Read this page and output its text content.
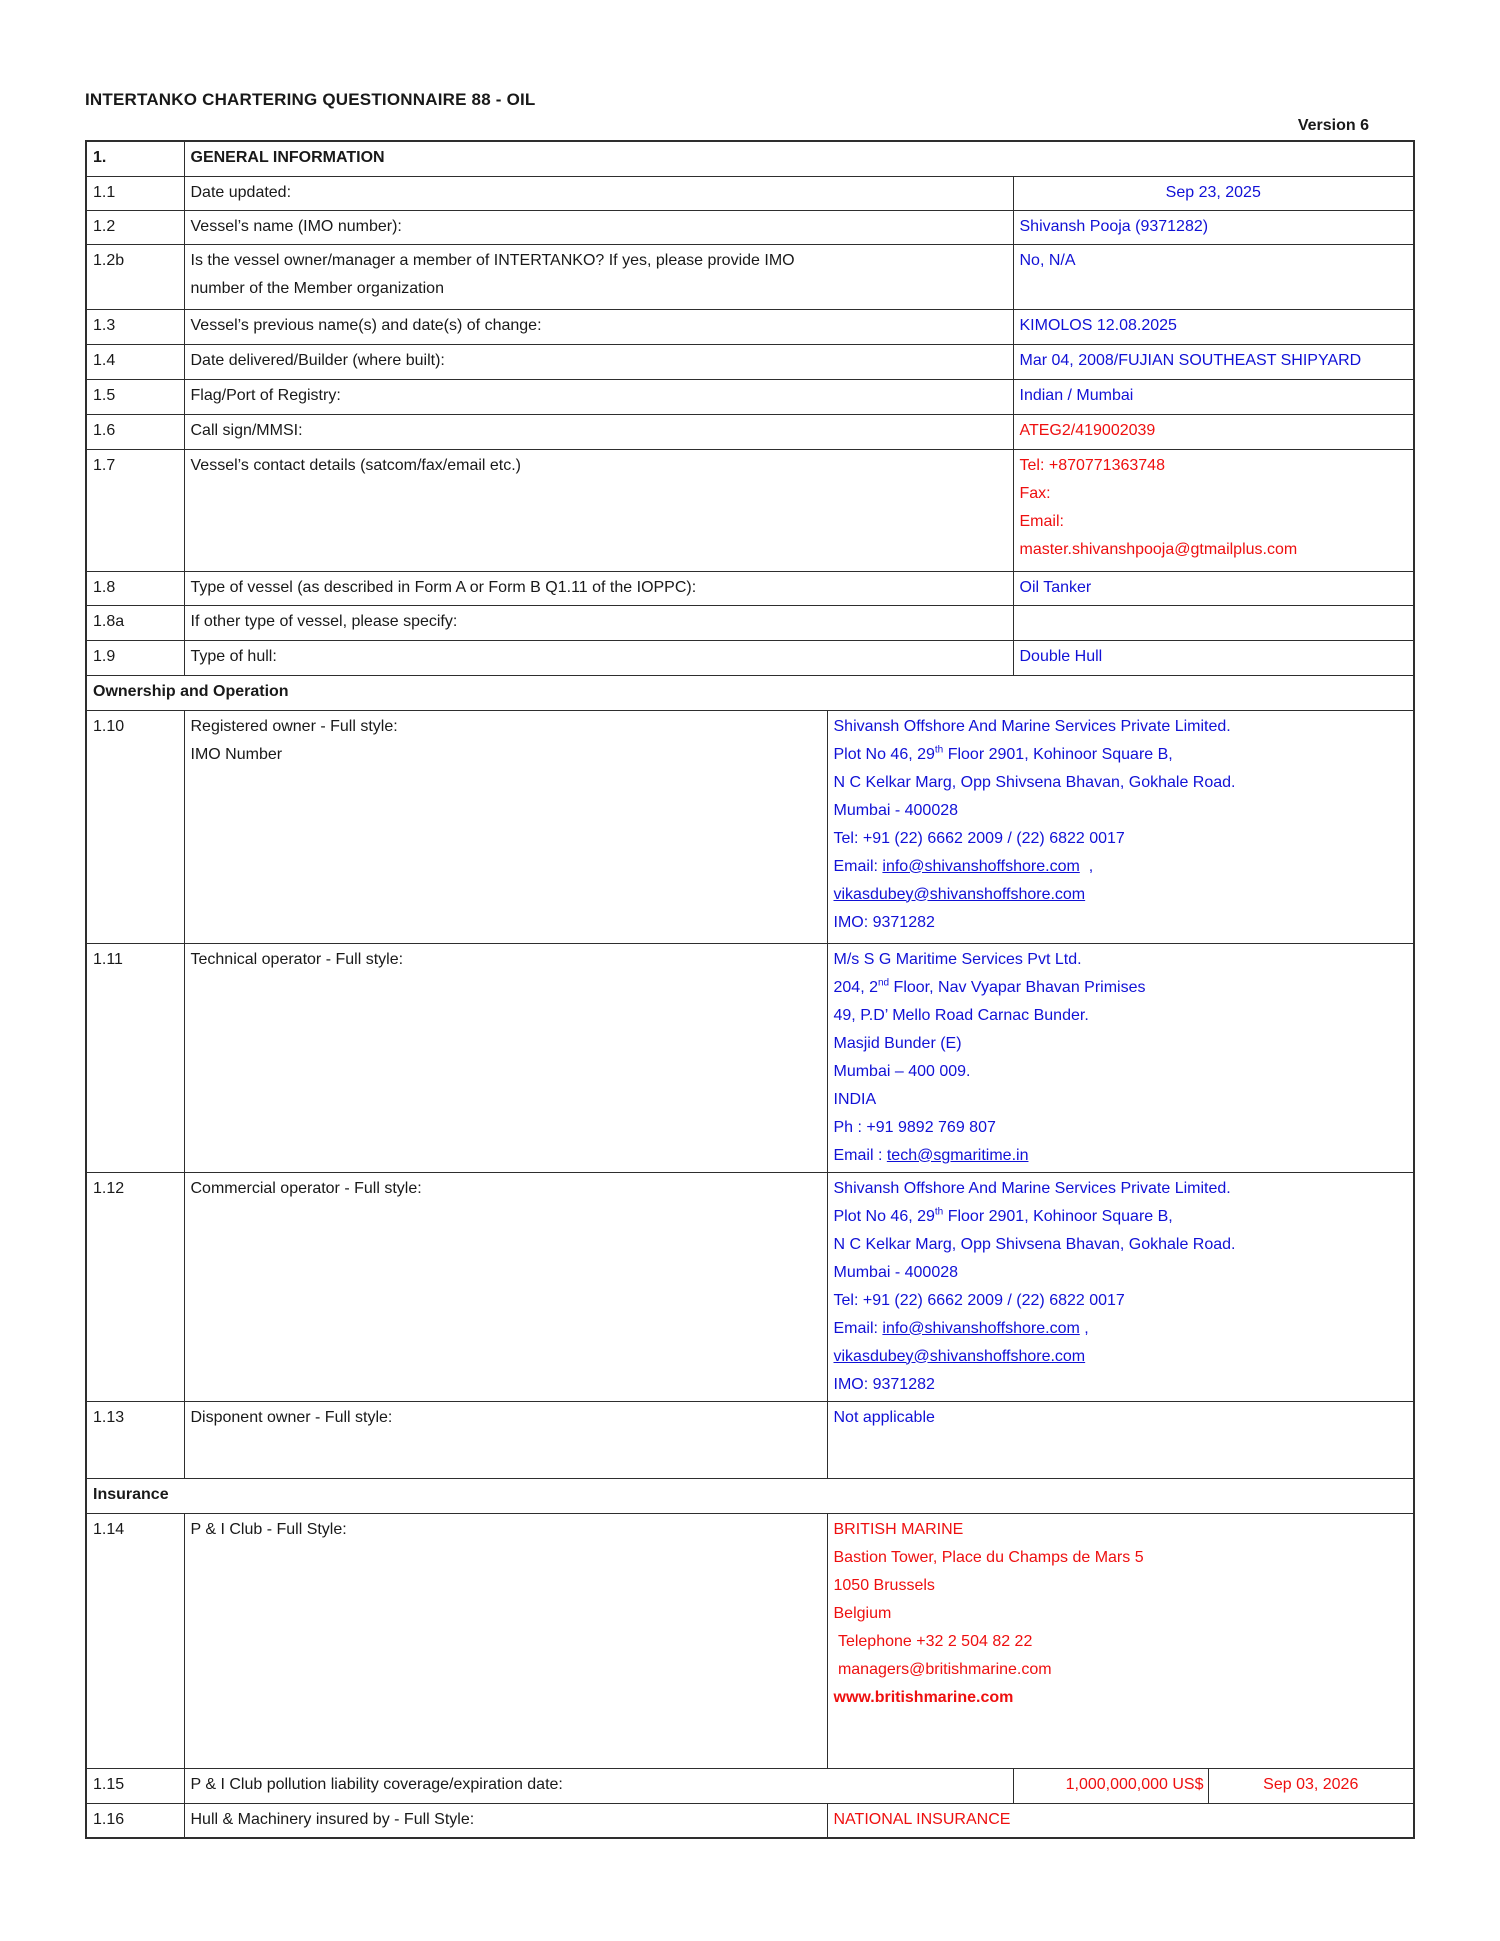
INTERTANKO CHARTERING QUESTIONNAIRE 88 - OIL
Version 6
1.	GENERAL INFORMATION			
1.1	Date updated:		Sep 23, 2025	

1.2	Vessel’s name (IMO number):		Shivansh Pooja (9371282)	

1.2b	Is the vessel owner/manager a member of INTERTANKO? If yes, please provide IMO
number of the Member organization		No, N/A	

1.3	Vessel’s previous name(s) and date(s) of change:		KIMOLOS 12.08.2025	

1.4	Date delivered/Builder (where built):		Mar 04, 2008/FUJIAN SOUTHEAST SHIPYARD	

1.5	Flag/Port of Registry:		Indian / Mumbai	

1.6	Call sign/MMSI:		ATEG2/419002039	

1.7	Vessel’s contact details (satcom/fax/email etc.)		Tel: +870771363748
Fax:
Email:
master.shivanshpooja@gtmailplus.com	

1.8	Type of vessel (as described in Form A or Form B Q1.11 of the IOPPC):		Oil Tanker	

1.8a	If other type of vessel, please specify:			

1.9	Type of hull:		Double Hull	

Ownership and Operation				
1.10	Registered owner - Full style:
IMO Number

Shivansh Offshore And Marine Services Private Limited.
Plot No 46, 29th Floor 2901, Kohinoor Square B,
N C Kelkar Marg, Opp Shivsena Bhavan, Gokhale Road.
Mumbai - 400028
Tel: +91 (22) 6662 2009 / (22) 6822 0017
Email: info@shivanshoffshore.com  ,
vikasdubey@shivanshoffshore.com
IMO: 9371282

1.11	Technical operator - Full style:	M/s S G Maritime Services Pvt Ltd.
204, 2nd Floor, Nav Vyapar Bhavan Primises
49, P.D’ Mello Road Carnac Bunder.
Masjid Bunder (E)
Mumbai – 400 009.
INDIA
Ph : +91 9892 769 807
Email : tech@sgmaritime.in

1.12	Commercial operator - Full style:	Shivansh Offshore And Marine Services Private Limited.
Plot No 46, 29th Floor 2901, Kohinoor Square B,
N C Kelkar Marg, Opp Shivsena Bhavan, Gokhale Road.
Mumbai - 400028
Tel: +91 (22) 6662 2009 / (22) 6822 0017
Email: info@shivanshoffshore.com ,
vikasdubey@shivanshoffshore.com
IMO: 9371282

1.13	Disponent owner - Full style:	Not applicable		

Insurance				
1.14	P & I Club - Full Style:	BRITISH MARINE
Bastion Tower, Place du Champs de Mars 5
1050 Brussels
Belgium
Telephone +32 2 504 82 22
managers@britishmarine.com
www.britishmarine.com

1.15	P & I Club pollution liability coverage/expiration date:		1,000,000,000 US$	Sep 03, 2026
1.16	Hull & Machinery insured by - Full Style:	NATIONAL INSURANCE		
